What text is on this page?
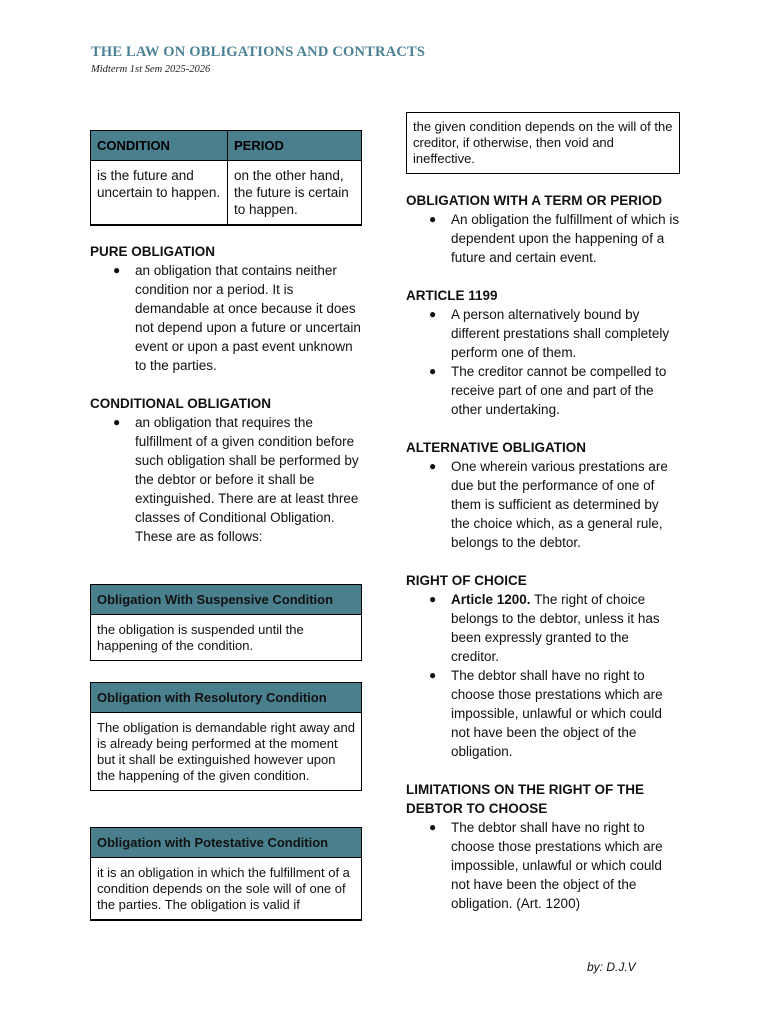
THE LAW ON OBLIGATIONS AND CONTRACTS
Midterm 1st Sem 2025-2026
CONDITION	PERIOD
is the future and uncertain to happen.	on the other hand, the future is certain to happen.
PURE OBLIGATION
● an obligation that contains neither condition nor a period. It is demandable at once because it does not depend upon a future or uncertain event or upon a past event unknown to the parties.
CONDITIONAL OBLIGATION
● an obligation that requires the fulfillment of a given condition before such obligation shall be performed by the debtor or before it shall be extinguished. There are at least three classes of Conditional Obligation. These are as follows:
Obligation With Suspensive Condition
the obligation is suspended until the happening of the condition.
Obligation with Resolutory Condition
The obligation is demandable right away and is already being performed at the moment but it shall be extinguished however upon the happening of the given condition.
Obligation with Potestative Condition
it is an obligation in which the fulfillment of a condition depends on the sole will of one of the parties. The obligation is valid if
the given condition depends on the will of the creditor, if otherwise, then void and ineffective.
OBLIGATION WITH A TERM OR PERIOD
● An obligation the fulfillment of which is dependent upon the happening of a future and certain event.
ARTICLE 1199
● A person alternatively bound by different prestations shall completely perform one of them.
● The creditor cannot be compelled to receive part of one and part of the other undertaking.
ALTERNATIVE OBLIGATION
● One wherein various prestations are due but the performance of one of them is sufficient as determined by the choice which, as a general rule, belongs to the debtor.
RIGHT OF CHOICE
● Article 1200. The right of choice belongs to the debtor, unless it has been expressly granted to the creditor.
● The debtor shall have no right to choose those prestations which are impossible, unlawful or which could not have been the object of the obligation.
LIMITATIONS ON THE RIGHT OF THE DEBTOR TO CHOOSE
● The debtor shall have no right to choose those prestations which are impossible, unlawful or which could not have been the object of the obligation. (Art. 1200)
by: D.J.V
